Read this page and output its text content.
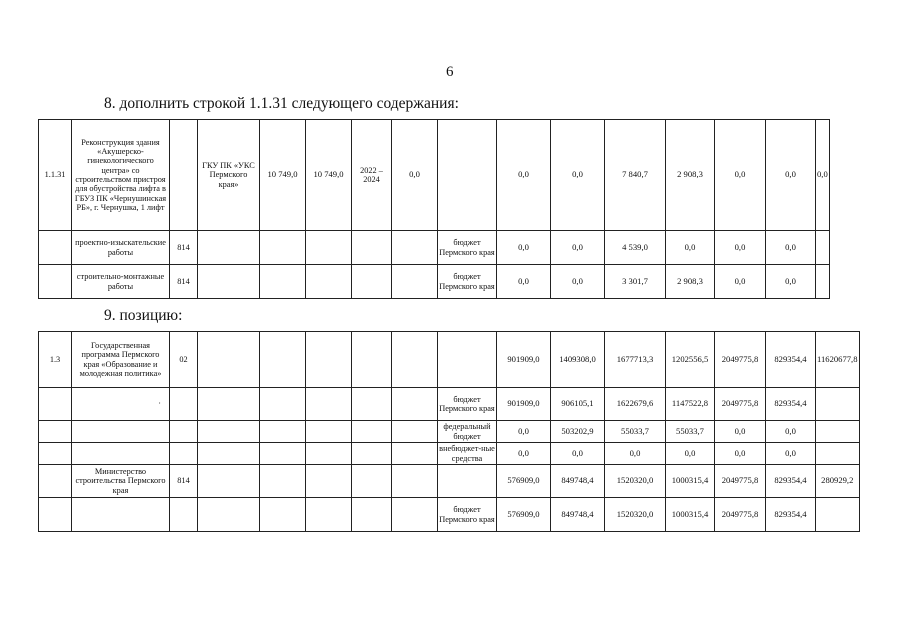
6
8. дополнить строкой 1.1.31 следующего содержания:
9. позицию:
1.1.31	Реконструкция здания «Акушерско-гинекологического центра» со строительством пристроя для обустройства лифта в ГБУЗ ПК «Чернушинская РБ», г. Чернушка, 1 лифт		ГКУ ПК «УКС Пермского края»	10 749,0	10 749,0	2022 – 2024	0,0		0,0	0,0	7 840,7	2 908,3	0,0	0,0	0,0
	проектно-изыскательские работы	814						бюджет Пермского края	0,0	0,0	4 539,0	0,0	0,0	0,0	
	строительно-монтажные работы	814						бюджет Пермского края	0,0	0,0	3 301,7	2 908,3	0,0	0,0	
1.3	Государственная программа Пермского края «Образование и молодежная политика»	02							901909,0	1409308,0	1677713,3	1202556,5	2049775,8	829354,4	11620677,8
	·							бюджет Пермского края	901909,0	906105,1	1622679,6	1147522,8	2049775,8	829354,4	
								федеральный бюджет	0,0	503202,9	55033,7	55033,7	0,0	0,0	
								внебюджет-ные средства	0,0	0,0	0,0	0,0	0,0	0,0	
	Министерство строительства Пермского края	814							576909,0	849748,4	1520320,0	1000315,4	2049775,8	829354,4	280929,2
								бюджет Пермского края	576909,0	849748,4	1520320,0	1000315,4	2049775,8	829354,4	
